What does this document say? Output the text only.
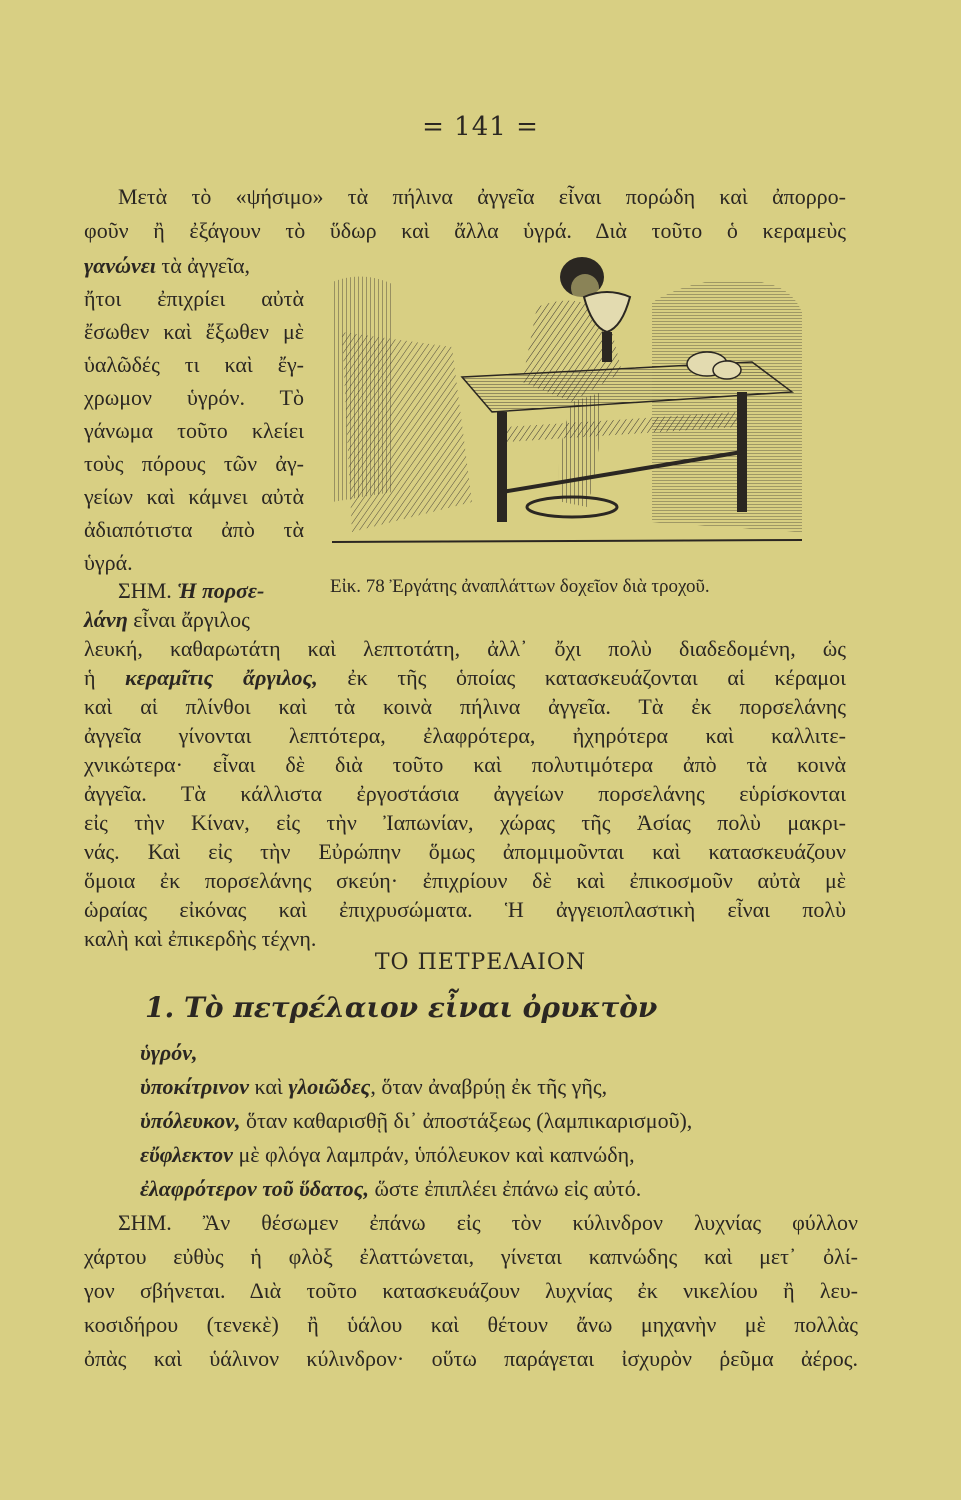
= 141 =
Μετὰ τὸ «ψήσιμο» τὰ πήλινα ἀγγεῖα εἶναι πορώδη καὶ ἀπορρο-
φοῦν ἢ ἐξάγουν τὸ ὕδωρ καὶ ἄλλα ὑγρά. Διὰ τοῦτο ὁ κεραμεὺς
γανώνει τὰ ἀγγεῖα,
ἤτοι ἐπιχρίει αὐτὰ
ἔσωθεν καὶ ἔξωθεν μὲ
ὑαλῶδές τι καὶ ἔγ-
χρωμον ὑγρόν. Τὸ
γάνωμα τοῦτο κλείει
τοὺς πόρους τῶν ἀγ-
γείων καὶ κάμνει αὐτὰ
ἀδιαπότιστα ἀπὸ τὰ
ὑγρά.
ΣΗΜ. Ἡ πορσε-
λάνη εἶναι ἄργιλος
Εἰκ. 78 Ἐργάτης ἀναπλάττων δοχεῖον διὰ τροχοῦ.
λευκή, καθαρωτάτη καὶ λεπτοτάτη, ἀλλ᾽ ὄχι πολὺ διαδεδομένη, ὡς
ἡ κεραμῖτις ἄργιλος, ἐκ τῆς ὁποίας κατασκευάζονται αἱ κέραμοι
καὶ αἱ πλίνθοι καὶ τὰ κοινὰ πήλινα ἀγγεῖα. Τὰ ἐκ πορσελάνης
ἀγγεῖα γίνονται λεπτότερα, ἐλαφρότερα, ἠχηρότερα καὶ καλλιτε-
χνικώτερα· εἶναι δὲ διὰ τοῦτο καὶ πολυτιμότερα ἀπὸ τὰ κοινὰ
ἀγγεῖα. Τὰ κάλλιστα ἐργοστάσια ἀγγείων πορσελάνης εὑρίσκονται
εἰς τὴν Κίναν, εἰς τὴν Ἰαπωνίαν, χώρας τῆς Ἀσίας πολὺ μακρι-
νάς. Καὶ εἰς τὴν Εὐρώπην ὅμως ἀπομιμοῦνται καὶ κατασκευάζουν
ὅμοια ἐκ πορσελάνης σκεύη· ἐπιχρίουν δὲ καὶ ἐπικοσμοῦν αὐτὰ μὲ
ὡραίας εἰκόνας καὶ ἐπιχρυσώματα. Ἡ ἀγγειοπλαστικὴ εἶναι πολὺ
καλὴ καὶ ἐπικερδὴς τέχνη.
ΤΟ ΠΕΤΡΕΛΑΙΟΝ
1. Τὸ πετρέλαιον εἶναι ὀρυκτὸν
ὑγρόν,
ὑποκίτρινον καὶ γλοιῶδες, ὅταν ἀναβρύῃ ἐκ τῆς γῆς,
ὑπόλευκον, ὅταν καθαρισθῇ δι᾽ ἀποστάξεως (λαμπικαρισμοῦ),
εὔφλεκτον μὲ φλόγα λαμπράν, ὑπόλευκον καὶ καπνώδη,
ἐλαφρότερον τοῦ ὕδατος, ὥστε ἐπιπλέει ἐπάνω εἰς αὐτό.
ΣΗΜ. Ἂν θέσωμεν ἐπάνω εἰς τὸν κύλινδρον λυχνίας φύλλον
χάρτου εὐθὺς ἡ φλὸξ ἐλαττώνεται, γίνεται καπνώδης καὶ μετ᾽ ὀλί-
γον σβήνεται. Διὰ τοῦτο κατασκευάζουν λυχνίας ἐκ νικελίου ἢ λευ-
κοσιδήρου (τενεκὲ) ἢ ὑάλου καὶ θέτουν ἄνω μηχανὴν μὲ πολλὰς
ὀπὰς καὶ ὑάλινον κύλινδρον· οὕτω παράγεται ἰσχυρὸν ῥεῦμα ἀέρος.
